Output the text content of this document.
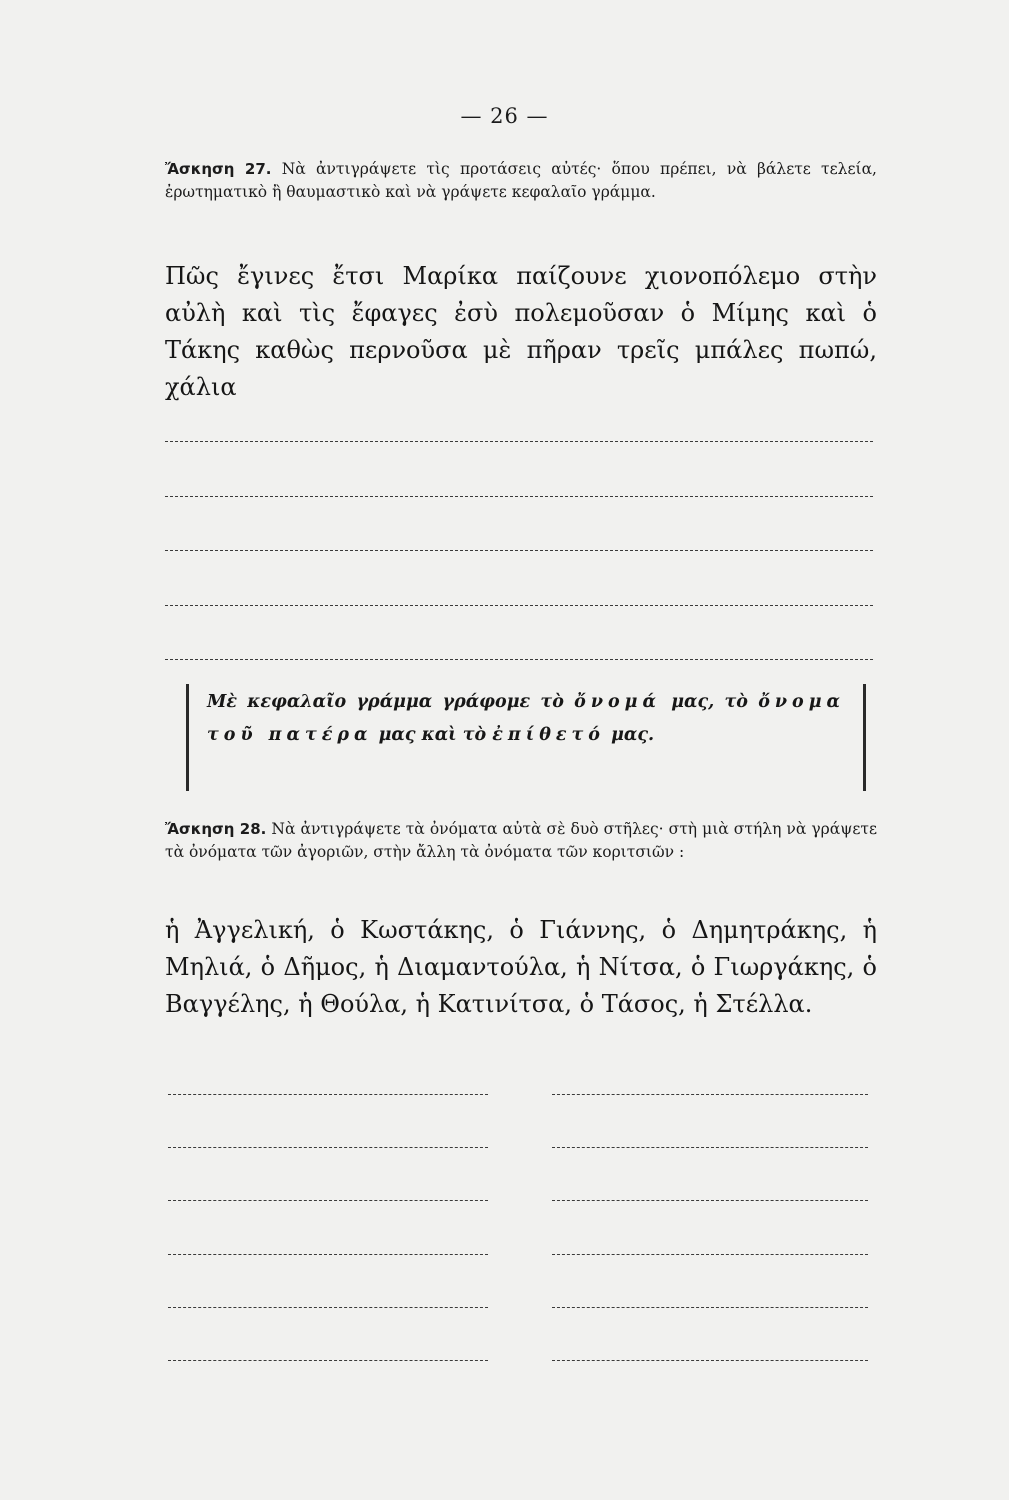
— 26 —
Ἄσκηση 27. Νὰ ἀντιγράψετε τὶς προτάσεις αὐτές· ὅπου πρέπει, νὰ βάλετε τελεία, ἐρωτηματικὸ ἢ θαυμαστικὸ καὶ νὰ γράψετε κεφαλαῖο γράμμα.
Πῶς ἔγινες ἔτσι Μαρίκα παίζουνε χιονοπόλεμο στὴν αὐλὴ καὶ τὶς ἔφαγες ἐσὺ πολεμοῦσαν ὁ Μίμης καὶ ὁ Τάκης καθὼς περνοῦσα μὲ πῆραν τρεῖς μπάλες πωπώ, χάλια
Μὲ κεφαλαῖο γράμμα γράφομε τὸ ὄνομά μας, τὸ ὄνομα τοῦ πατέρα μας καὶ τὸ ἐπίθετό μας.
Ἄσκηση 28. Νὰ ἀντιγράψετε τὰ ὀνόματα αὐτὰ σὲ δυὸ στῆλες· στὴ μιὰ στήλη νὰ γράψετε τὰ ὀνόματα τῶν ἀγοριῶν, στὴν ἄλλη τὰ ὀνόματα τῶν κοριτσιῶν :
ἡ Ἀγγελική, ὁ Κωστάκης, ὁ Γιάννης, ὁ Δημητράκης, ἡ Μηλιά, ὁ Δῆμος, ἡ Διαμαντούλα, ἡ Νίτσα, ὁ Γιωργάκης, ὁ Βαγγέλης, ἡ Θούλα, ἡ Κατινίτσα, ὁ Τάσος, ἡ Στέλλα.
